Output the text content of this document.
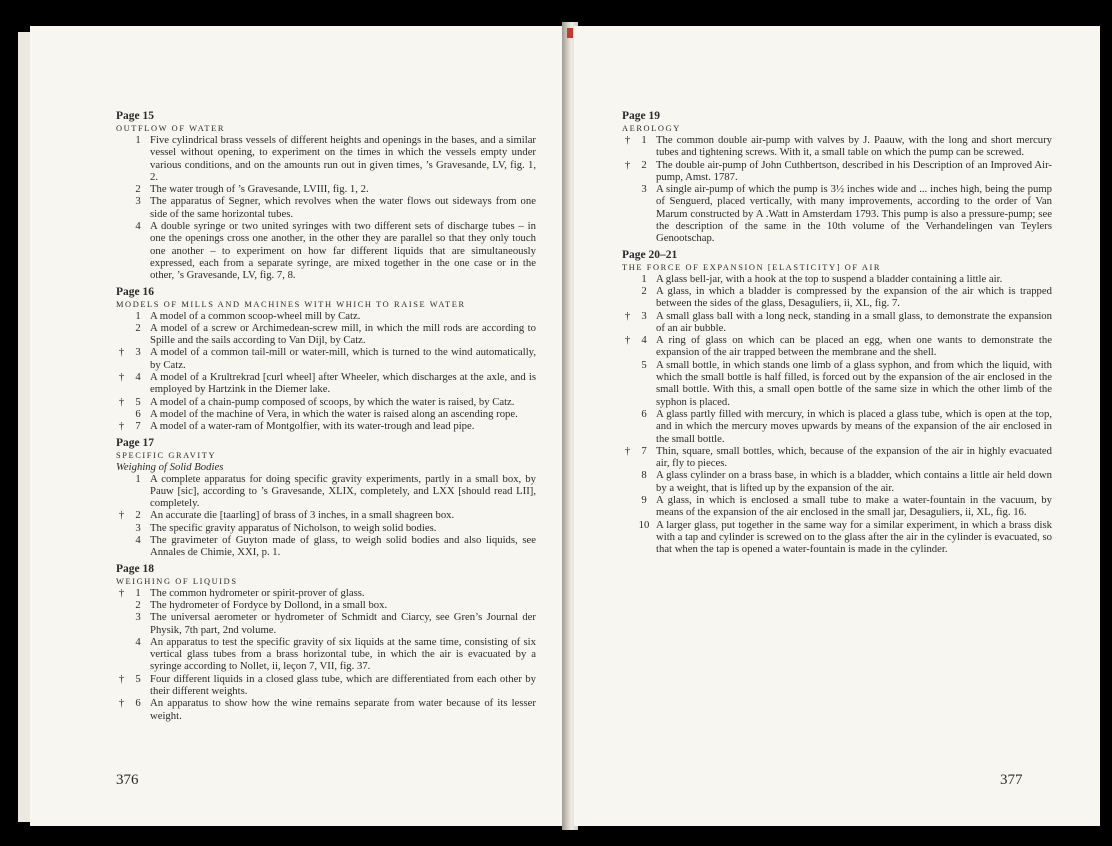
Page 15
OUTFLOW OF WATER
1 Five cylindrical brass vessels of different heights and openings in the bases, and a similar vessel without opening, to experiment on the times in which the vessels empty under various conditions, and on the amounts run out in given times, ’s Gravesande, LV, fig. 1, 2.
2 The water trough of ’s Gravesande, LVIII, fig. 1, 2.
3 The apparatus of Segner, which revolves when the water flows out sideways from one side of the same horizontal tubes.
4 A double syringe or two united syringes with two different sets of discharge tubes – in one the openings cross one another, in the other they are parallel so that they only touch one another – to experiment on how far different liquids that are simultaneously expressed, each from a separate syringe, are mixed together in the one case or in the other, ’s Gravesande, LV, fig. 7, 8.
Page 16
MODELS OF MILLS AND MACHINES WITH WHICH TO RAISE WATER
1 A model of a common scoop-wheel mill by Catz.
2 A model of a screw or Archimedean-screw mill, in which the mill rods are according to Spille and the sails according to Van Dijl, by Catz.
†	3 A model of a common tail-mill or water-mill, which is turned to the wind automatically, by Catz.
†	4 A model of a Krultrekrad [curl wheel] after Wheeler, which discharges at the axle, and is employed by Hartzink in the Diemer lake.
†	5 A model of a chain-pump composed of scoops, by which the water is raised, by Catz.
6 A model of the machine of Vera, in which the water is raised along an ascending rope.
†	7 A model of a water-ram of Montgolfier, with its water-trough and lead pipe.
Page 17
SPECIFIC GRAVITY
Weighing of Solid Bodies
1 A complete apparatus for doing specific gravity experiments, partly in a small box, by Pauw [sic], according to ’s Gravesande, XLIX, completely, and LXX [should read LII], completely.
†	2 An accurate die [taarling] of brass of 3 inches, in a small shagreen box.
3 The specific gravity apparatus of Nicholson, to weigh solid bodies.
4 The gravimeter of Guyton made of glass, to weigh solid bodies and also liquids, see Annales de Chimie, XXI, p. 1.
Page 18
WEIGHING OF LIQUIDS
†	1 The common hydrometer or spirit-prover of glass.
2 The hydrometer of Fordyce by Dollond, in a small box.
3 The universal aerometer or hydrometer of Schmidt and Ciarcy, see Gren’s Journal der Physik, 7th part, 2nd volume.
4 An apparatus to test the specific gravity of six liquids at the same time, consisting of six vertical glass tubes from a brass horizontal tube, in which the air is evacuated by a syringe according to Nollet, ii, leçon 7, VII, fig. 37.
†	5 Four different liquids in a closed glass tube, which are differentiated from each other by their different weights.
†	6 An apparatus to show how the wine remains separate from water because of its lesser weight.
376
Page 19
AEROLOGY
†	1 The common double air-pump with valves by J. Paauw, with the long and short mercury tubes and tightening screws. With it, a small table on which the pump can be screwed.
†	2 The double air-pump of John Cuthbertson, described in his Description of an Improved Air-pump, Amst. 1787.
3 A single air-pump of which the pump is 3½ inches wide and ... inches high, being the pump of Senguerd, placed vertically, with many improvements, according to the order of Van Marum constructed by A .Watt in Amsterdam 1793. This pump is also a pressure-pump; see the description of the same in the 10th volume of the Verhandelingen van Teylers Genootschap.
Page 20–21
THE FORCE OF EXPANSION [ELASTICITY] OF AIR
1 A glass bell-jar, with a hook at the top to suspend a bladder containing a little air.
2 A glass, in which a bladder is compressed by the expansion of the air which is trapped between the sides of the glass, Desaguliers, ii, XL, fig. 7.
†	3 A small glass ball with a long neck, standing in a small glass, to demonstrate the expansion of an air bubble.
†	4 A ring of glass on which can be placed an egg, when one wants to demonstrate the expansion of the air trapped between the membrane and the shell.
5 A small bottle, in which stands one limb of a glass syphon, and from which the liquid, with which the small bottle is half filled, is forced out by the expansion of the air enclosed in the small bottle. With this, a small open bottle of the same size in which the other limb of the syphon is placed.
6 A glass partly filled with mercury, in which is placed a glass tube, which is open at the top, and in which the mercury moves upwards by means of the expansion of the air enclosed in the small bottle.
†	7 Thin, square, small bottles, which, because of the expansion of the air in highly evacuated air, fly to pieces.
8 A glass cylinder on a brass base, in which is a bladder, which contains a little air held down by a weight, that is lifted up by the expansion of the air.
9 A glass, in which is enclosed a small tube to make a water-fountain in the vacuum, by means of the expansion of the air enclosed in the small jar, Desaguliers, ii, XL, fig. 16.
10 A larger glass, put together in the same way for a similar experiment, in which a brass disk with a tap and cylinder is screwed on to the glass after the air in the cylinder is evacuated, so that when the tap is opened a water-fountain is made in the cylinder.
377
